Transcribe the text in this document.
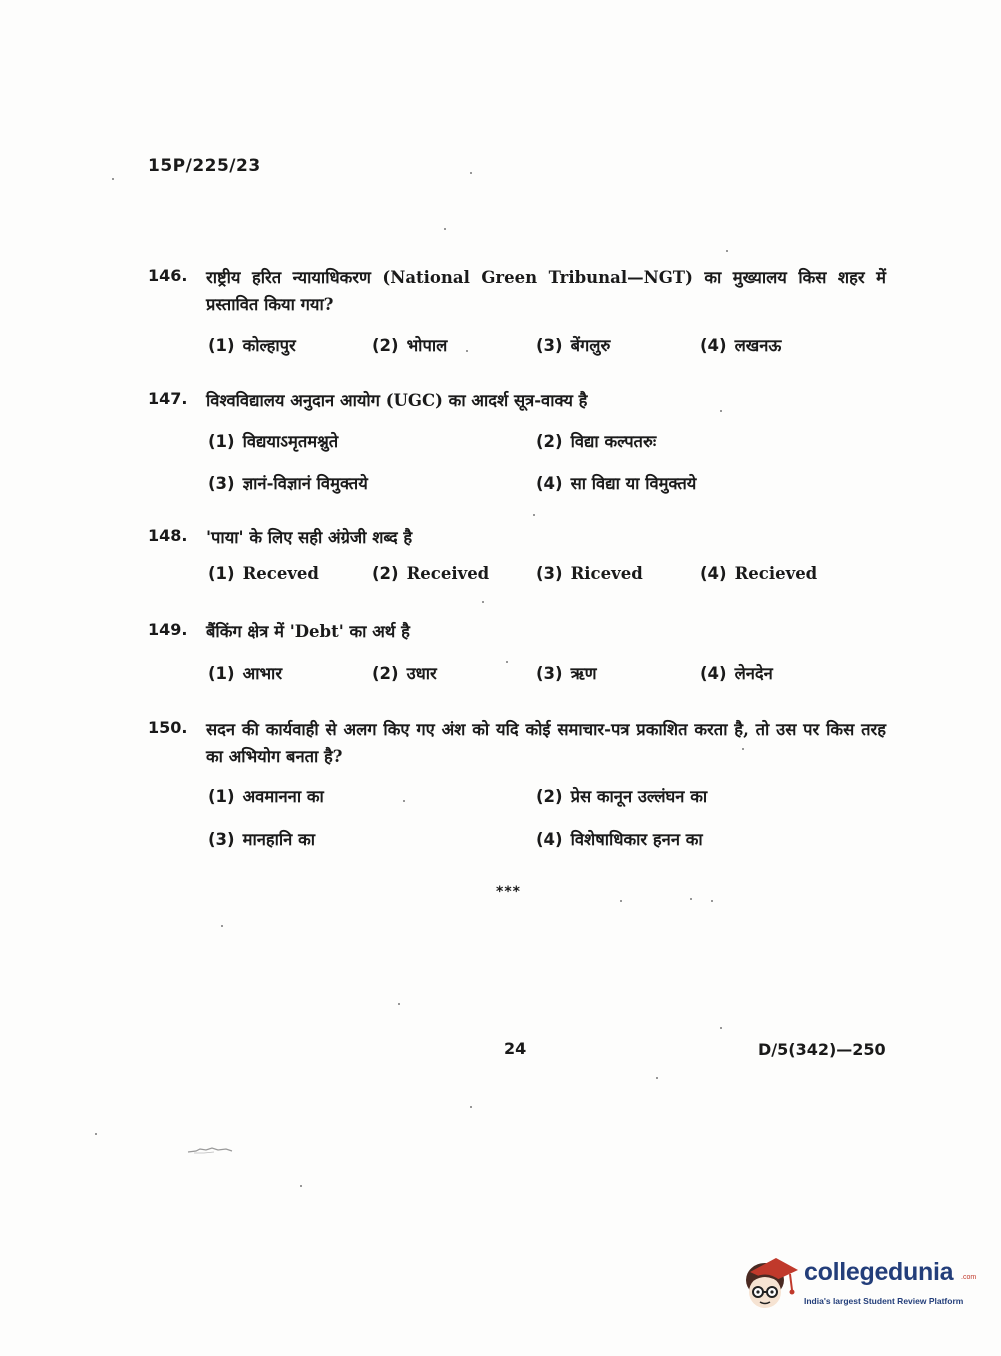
15P/225/23
146. राष्ट्रीय हरित न्यायाधिकरण (National Green Tribunal—NGT) का मुख्यालय किस शहर में प्रस्तावित किया गया?
(1) कोल्हापुर	(2) भोपाल	(3) बेंगलुरु	(4) लखनऊ
147. विश्वविद्यालय अनुदान आयोग (UGC) का आदर्श सूत्र-वाक्य है
(1) विद्ययाऽमृतमश्नुते	(2) विद्या कल्पतरुः
(3) ज्ञानं-विज्ञानं विमुक्तये	(4) सा विद्या या विमुक्तये
148. 'पाया' के लिए सही अंग्रेजी शब्द है
(1) Receved	(2) Received	(3) Riceved	(4) Recieved
149. बैंकिंग क्षेत्र में 'Debt' का अर्थ है
(1) आभार	(2) उधार	(3) ऋण	(4) लेनदेन
150. सदन की कार्यवाही से अलग किए गए अंश को यदि कोई समाचार-पत्र प्रकाशित करता है, तो उस पर किस तरह का अभियोग बनता है?
(1) अवमानना का	(2) प्रेस कानून उल्लंघन का
(3) मानहानि का	(4) विशेषाधिकार हनन का
***
24	D/5(342)—250
collegedunia .com
India's largest Student Review Platform
